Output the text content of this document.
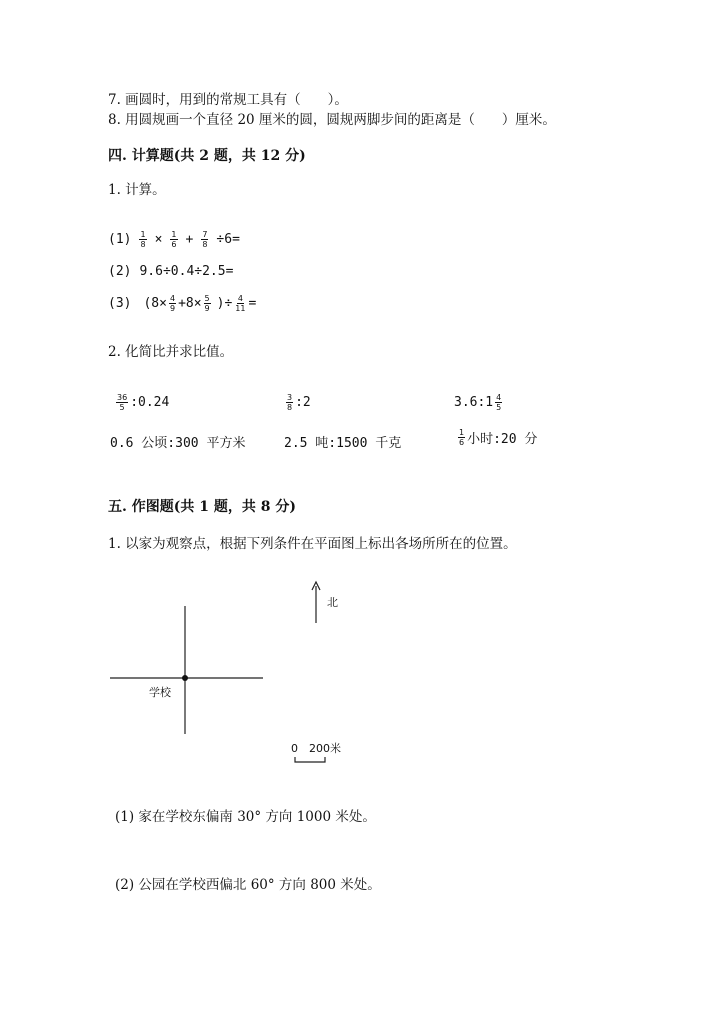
7. 画圆时，用到的常规工具有（　　）。
8. 用圆规画一个直径 20 厘米的圆，圆规两脚步间的距离是（　　）厘米。
四. 计算题(共 2 题，共 12 分)
1. 计算。
$(1) \frac{1}{8} \times \frac{1}{6} + \frac{7}{8} \div 6=$
(2) 9.6÷0.4÷2.5=
(3) ($8\times \frac{4}{9} +8\times \frac{5}{9}$ )÷ $\frac{4}{11}$ =
2. 化简比并求比值。
$\frac{36}{5}$ :0.24	$\frac{3}{8}$ :2	3.6:1 $\frac{4}{5}$
0.6 公顷:300 平方米	2.5 吨:1500 千克	$\frac{1}{6}$ 小时:20 分
五. 作图题(共 1 题，共 8 分)
1. 以家为观察点，根据下列条件在平面图上标出各场所所在的位置。
北
学校
0 200米
(1) 家在学校东偏南 30° 方向 1000 米处。
(2) 公园在学校西偏北 60° 方向 800 米处。
